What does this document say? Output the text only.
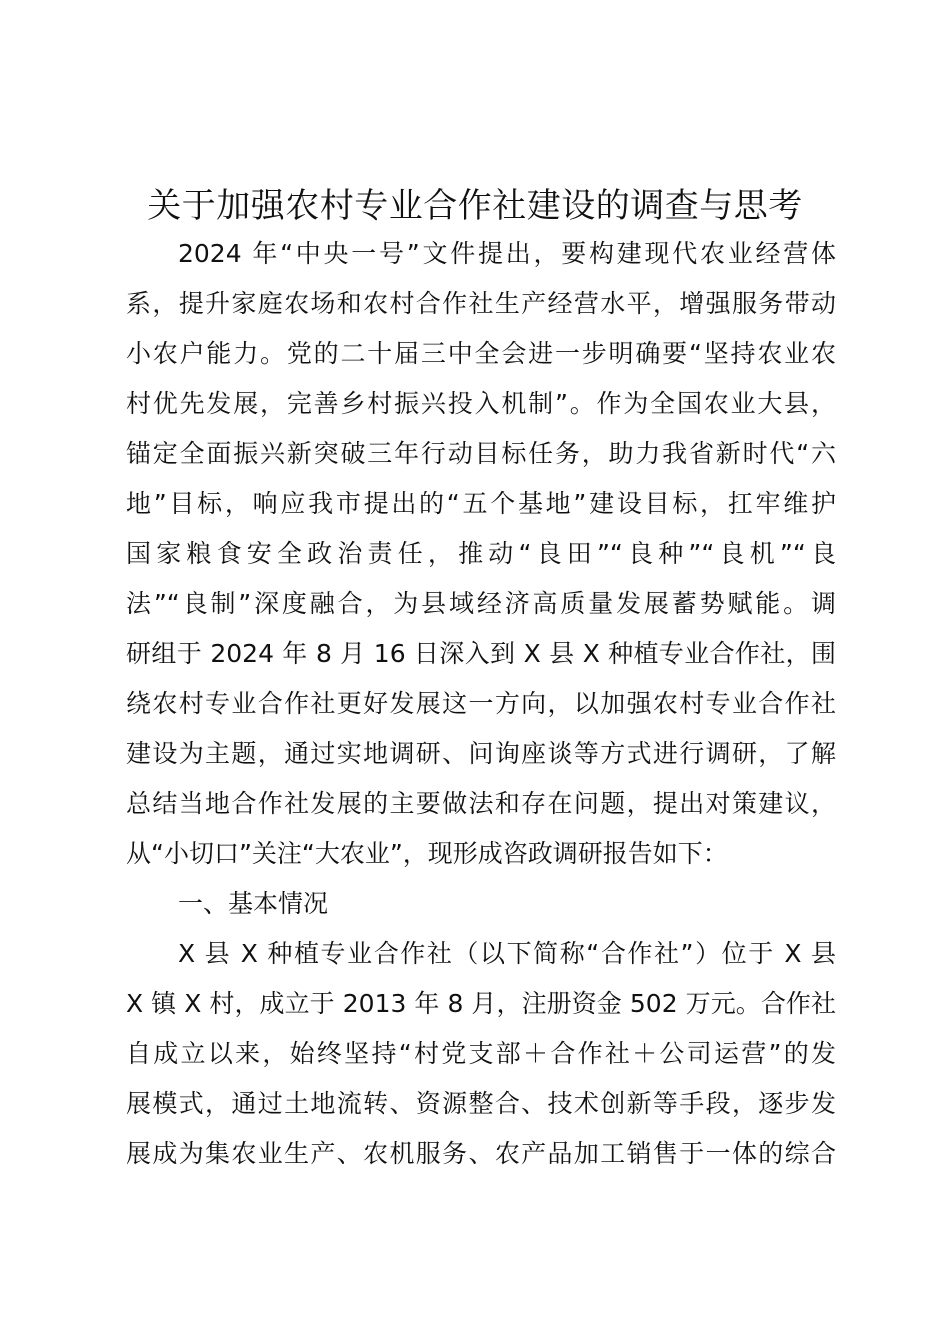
关于加强农村专业合作社建设的调查与思考
2024 年“中央一号”文件提出，要构建现代农业经营体
系，提升家庭农场和农村合作社生产经营水平，增强服务带动
小农户能力。党的二十届三中全会进一步明确要“坚持农业农
村优先发展，完善乡村振兴投入机制”。作为全国农业大县，
锚定全面振兴新突破三年行动目标任务，助力我省新时代“六
地”目标，响应我市提出的“五个基地”建设目标，扛牢维护
国家粮食安全政治责任，推动“良田”“良种”“良机”“良
法”“良制”深度融合，为县域经济高质量发展蓄势赋能。调
研组于 2024 年 8 月 16 日深入到 X 县 X 种植专业合作社，围
绕农村专业合作社更好发展这一方向，以加强农村专业合作社
建设为主题，通过实地调研、问询座谈等方式进行调研，了解
总结当地合作社发展的主要做法和存在问题，提出对策建议，
从“小切口”关注“大农业”，现形成咨政调研报告如下：
一、基本情况
X 县 X 种植专业合作社（以下简称“合作社”）位于 X 县
X 镇 X 村，成立于 2013 年 8 月，注册资金 502 万元。合作社
自成立以来，始终坚持“村党支部＋合作社＋公司运营”的发
展模式，通过土地流转、资源整合、技术创新等手段，逐步发
展成为集农业生产、农机服务、农产品加工销售于一体的综合
